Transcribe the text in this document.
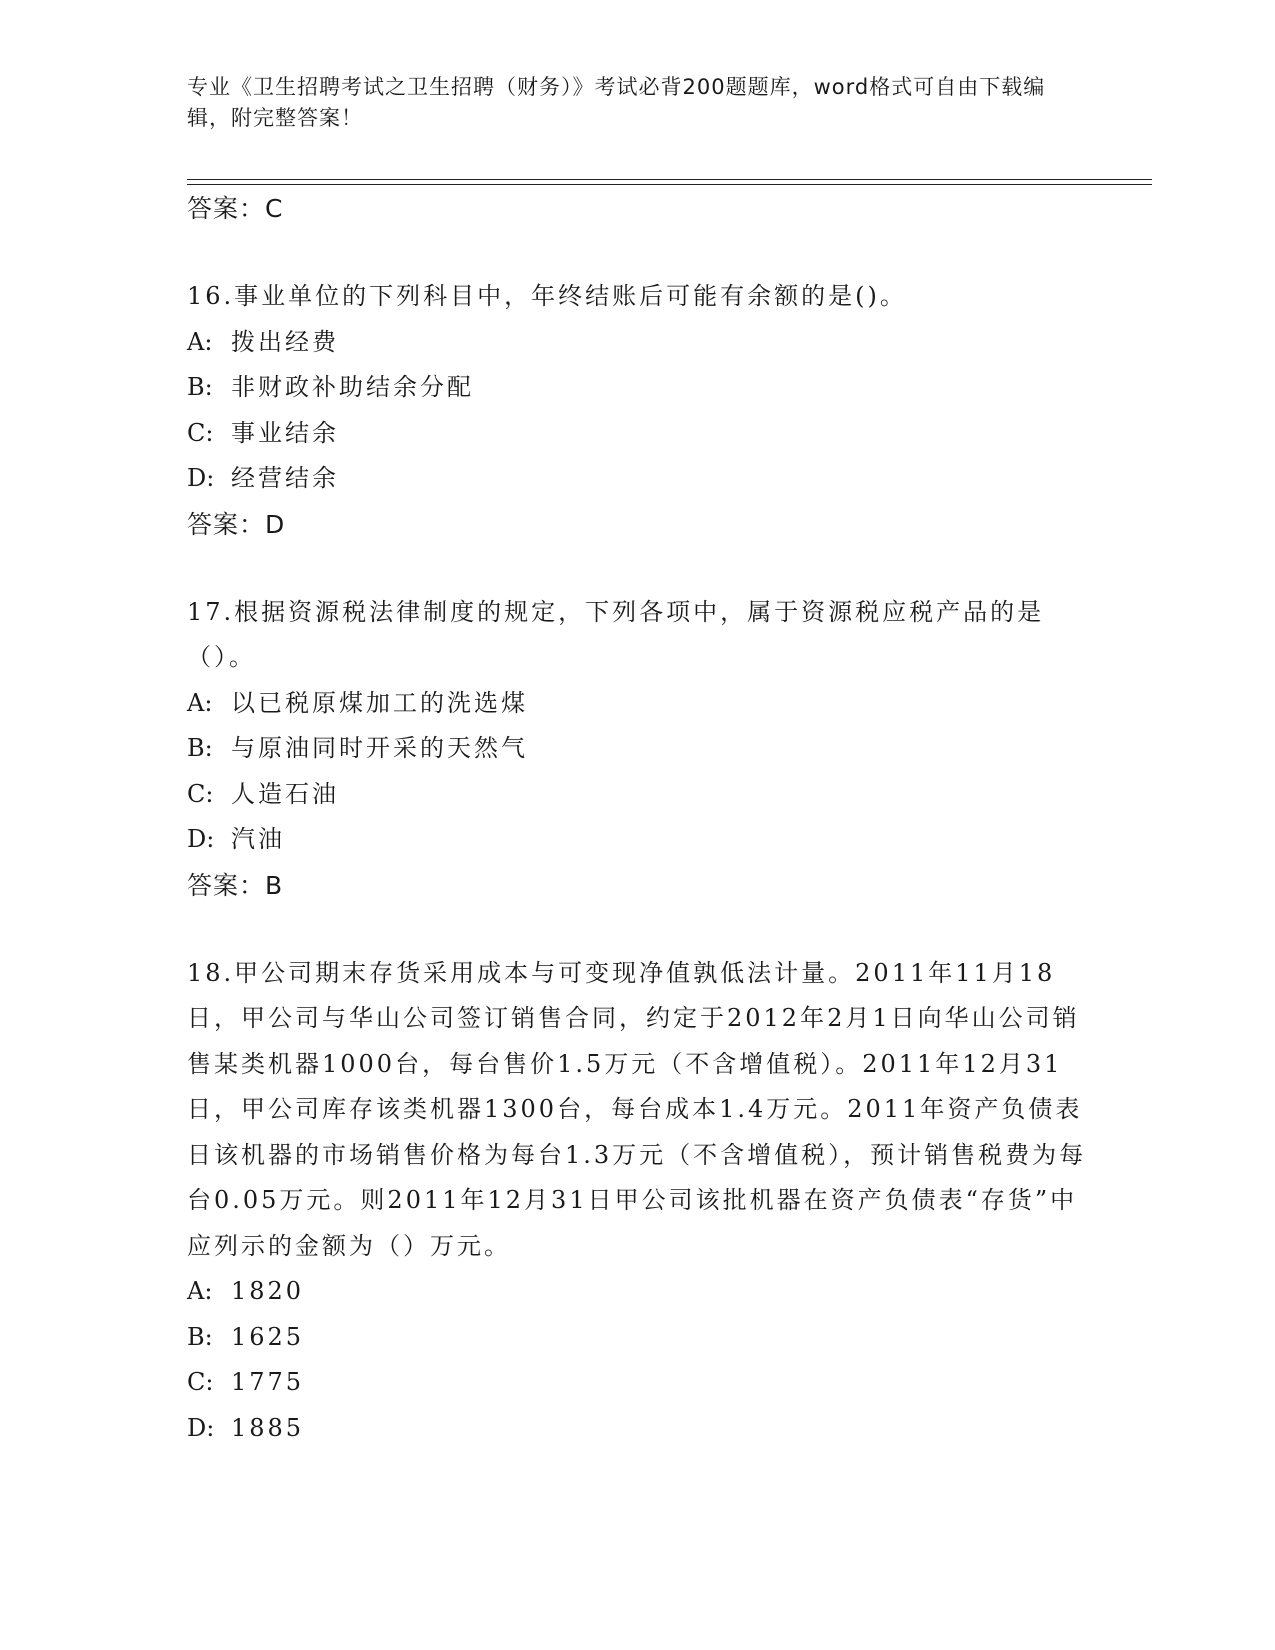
专业《卫生招聘考试之卫生招聘（财务）》考试必背200题题库，word格式可自由下载编辑，附完整答案！
答案：C
16.事业单位的下列科目中，年终结账后可能有余额的是()。
A: 拨出经费
B: 非财政补助结余分配
C: 事业结余
D: 经营结余
答案：D
17.根据资源税法律制度的规定，下列各项中，属于资源税应税产品的是（）。
A: 以已税原煤加工的洗选煤
B: 与原油同时开采的天然气
C: 人造石油
D: 汽油
答案：B
18.甲公司期末存货采用成本与可变现净值孰低法计量。2011年11月18日，甲公司与华山公司签订销售合同，约定于2012年2月1日向华山公司销售某类机器1000台，每台售价1.5万元（不含增值税）。2011年12月31日，甲公司库存该类机器1300台，每台成本1.4万元。2011年资产负债表日该机器的市场销售价格为每台1.3万元（不含增值税），预计销售税费为每台0.05万元。则2011年12月31日甲公司该批机器在资产负债表“存货”中应列示的金额为（）万元。
A: 1820
B: 1625
C: 1775
D: 1885
